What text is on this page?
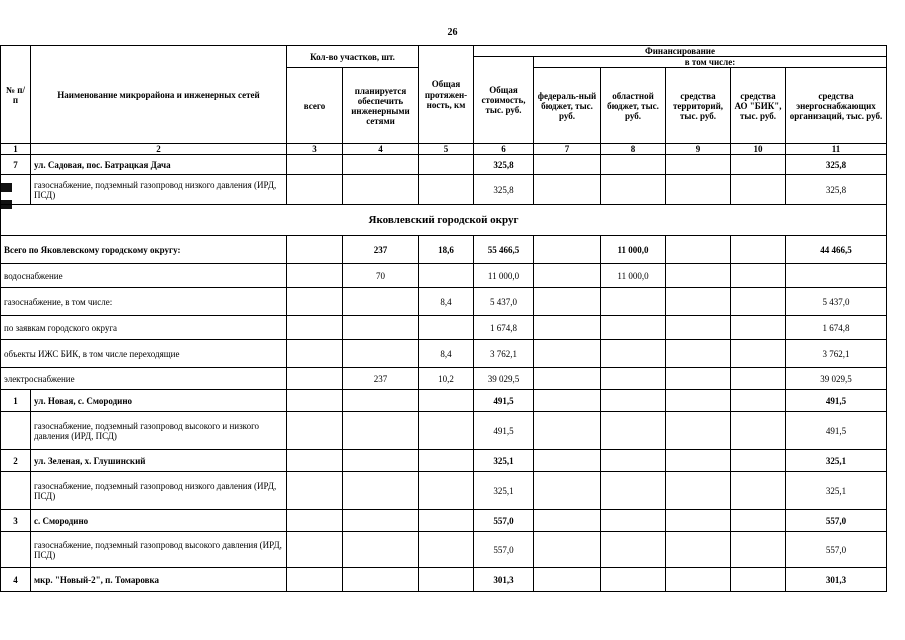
26
№ п/п	Наименование микрорайона и инженерных сетей	Кол-во участков, шт.		Общая протяжен-ность, км	Финансирование					
					Общая стоимость, тыс. руб.	в том числе:				
		всего	планируется обеспечить инженерными сетями			федераль-ный бюджет, тыс. руб.	областной бюджет, тыс. руб.	средства территорий, тыс. руб.	средства АО "БИК", тыс. руб.	средства энергоснабжающих организаций, тыс. руб.
1	2	3	4	5	6	7	8	9	10	11
7	ул. Садовая, пос. Батрацкая Дача				325,8					325,8
	газоснабжение, подземный газопровод низкого давления (ИРД, ПСД)				325,8					325,8
Яковлевский городской округ										
Всего по Яковлевскому городскому округу:			237	18,6	55 466,5		11 000,0			44 466,5
водоснабжение			70		11 000,0		11 000,0			
газоснабжение, в том числе:				8,4	5 437,0					5 437,0
по заявкам городского округа					1 674,8					1 674,8
объекты ИЖС БИК, в том числе переходящие				8,4	3 762,1					3 762,1
электроснабжение			237	10,2	39 029,5					39 029,5
1	ул. Новая, с. Смородино				491,5					491,5
	газоснабжение, подземный газопровод высокого и низкого давления (ИРД, ПСД)				491,5					491,5
2	ул. Зеленая, х. Глушинский				325,1					325,1
	газоснабжение, подземный газопровод низкого давления (ИРД, ПСД)				325,1					325,1
3	с. Смородино				557,0					557,0
	газоснабжение, подземный газопровод высокого давления (ИРД, ПСД)				557,0					557,0
4	мкр. "Новый-2", п. Томаровка				301,3					301,3
